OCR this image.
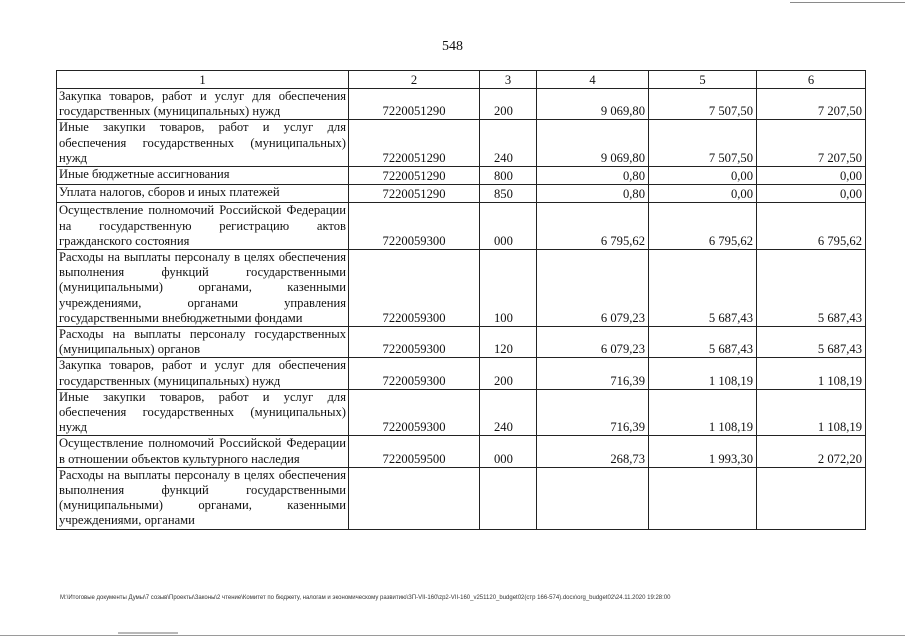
548
1	2	3	4	5	6
Закупка товаров, работ и услуг для обеспечения государственных (муниципальных) нужд	7220051290	200	9 069,80	7 507,50	7 207,50
Иные закупки товаров, работ и услуг для обеспечения государственных (муниципальных) нужд	7220051290	240	9 069,80	7 507,50	7 207,50
Иные бюджетные ассигнования	7220051290	800	0,80	0,00	0,00
Уплата налогов, сборов и иных платежей	7220051290	850	0,80	0,00	0,00
Осуществление полномочий Российской Федерации на государственную регистрацию актов гражданского состояния	7220059300	000	6 795,62	6 795,62	6 795,62
Расходы на выплаты персоналу в целях обеспечения выполнения функций государственными (муниципальными) органами, казенными учреждениями, органами управления государственными внебюджетными фондами	7220059300	100	6 079,23	5 687,43	5 687,43
Расходы на выплаты персоналу государственных (муниципальных) органов	7220059300	120	6 079,23	5 687,43	5 687,43
Закупка товаров, работ и услуг для обеспечения государственных (муниципальных) нужд	7220059300	200	716,39	1 108,19	1 108,19
Иные закупки товаров, работ и услуг для обеспечения государственных (муниципальных) нужд	7220059300	240	716,39	1 108,19	1 108,19
Осуществление полномочий Российской Федерации в отношении объектов культурного наследия	7220059500	000	268,73	1 993,30	2 072,20
Расходы на выплаты персоналу в целях обеспечения выполнения функций государственными (муниципальными) органами, казенными учреждениями, органами					
M:\Итоговые документы Думы\7 созыв\Проекты\Законы\2 чтение\Комитет по бюджету, налогам и экономическому развитию\ЗП-VII-160\zp2-VII-160_v251120_budget02(стр 166-574).docx\org_budget02\24.11.2020 19:28:00
